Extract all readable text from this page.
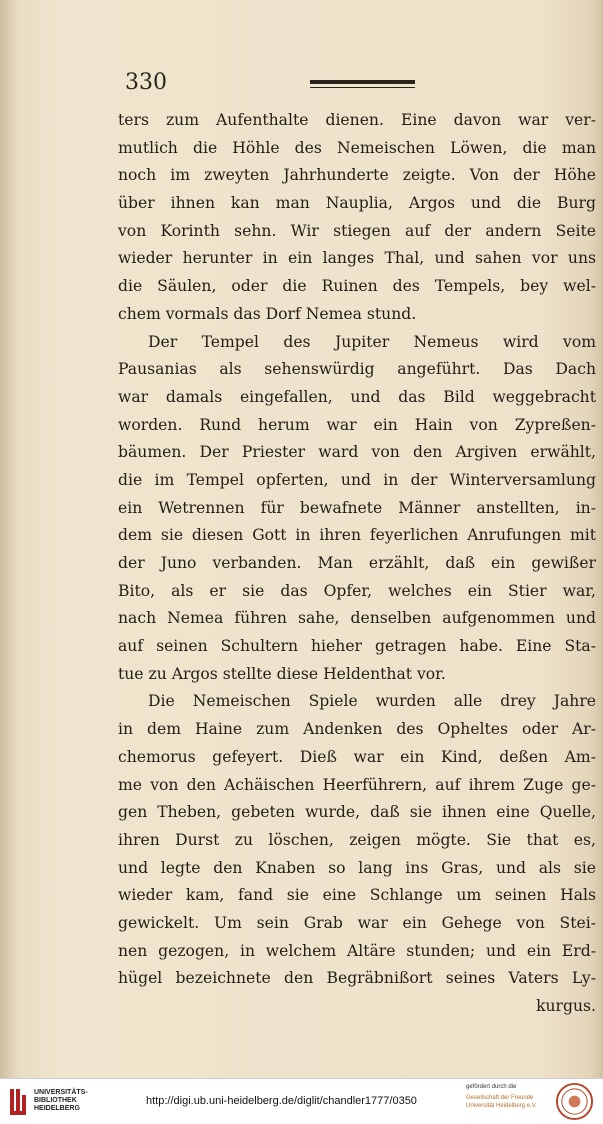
330
ters zum Aufenthalte dienen. Eine davon war ver-
mutlich die Höhle des Nemeischen Löwen, die man
noch im zweyten Jahrhunderte zeigte. Von der Höhe
über ihnen kan man Nauplia, Argos und die Burg
von Korinth sehn. Wir stiegen auf der andern Seite
wieder herunter in ein langes Thal, und sahen vor uns
die Säulen, oder die Ruinen des Tempels, bey wel-
chem vormals das Dorf Nemea stund.
Der Tempel des Jupiter Nemeus wird vom
Pausanias als sehenswürdig angeführt. Das Dach
war damals eingefallen, und das Bild weggebracht
worden. Rund herum war ein Hain von Zypreßen-
bäumen. Der Priester ward von den Argiven erwählt,
die im Tempel opferten, und in der Winterversamlung
ein Wetrennen für bewafnete Männer anstellten, in-
dem sie diesen Gott in ihren feyerlichen Anrufungen mit
der Juno verbanden. Man erzählt, daß ein gewißer
Bito, als er sie das Opfer, welches ein Stier war,
nach Nemea führen sahe, denselben aufgenommen und
auf seinen Schultern hieher getragen habe. Eine Sta-
tue zu Argos stellte diese Heldenthat vor.
Die Nemeischen Spiele wurden alle drey Jahre
in dem Haine zum Andenken des Opheltes oder Ar-
chemorus gefeyert. Dieß war ein Kind, deßen Am-
me von den Achäischen Heerführern, auf ihrem Zuge ge-
gen Theben, gebeten wurde, daß sie ihnen eine Quelle,
ihren Durst zu löschen, zeigen mögte. Sie that es,
und legte den Knaben so lang ins Gras, und als sie
wieder kam, fand sie eine Schlange um seinen Hals
gewickelt. Um sein Grab war ein Gehege von Stei-
nen gezogen, in welchem Altäre stunden; und ein Erd-
hügel bezeichnete den Begräbnißort seines Vaters Ly-
kurgus.
UNIVERSITÄTS-
BIBLIOTHEK
HEIDELBERG
http://digi.ub.uni-heidelberg.de/diglit/chandler1777/0350
gefördert durch die
Gesellschaft der Freunde
Universität Heidelberg e.V.
